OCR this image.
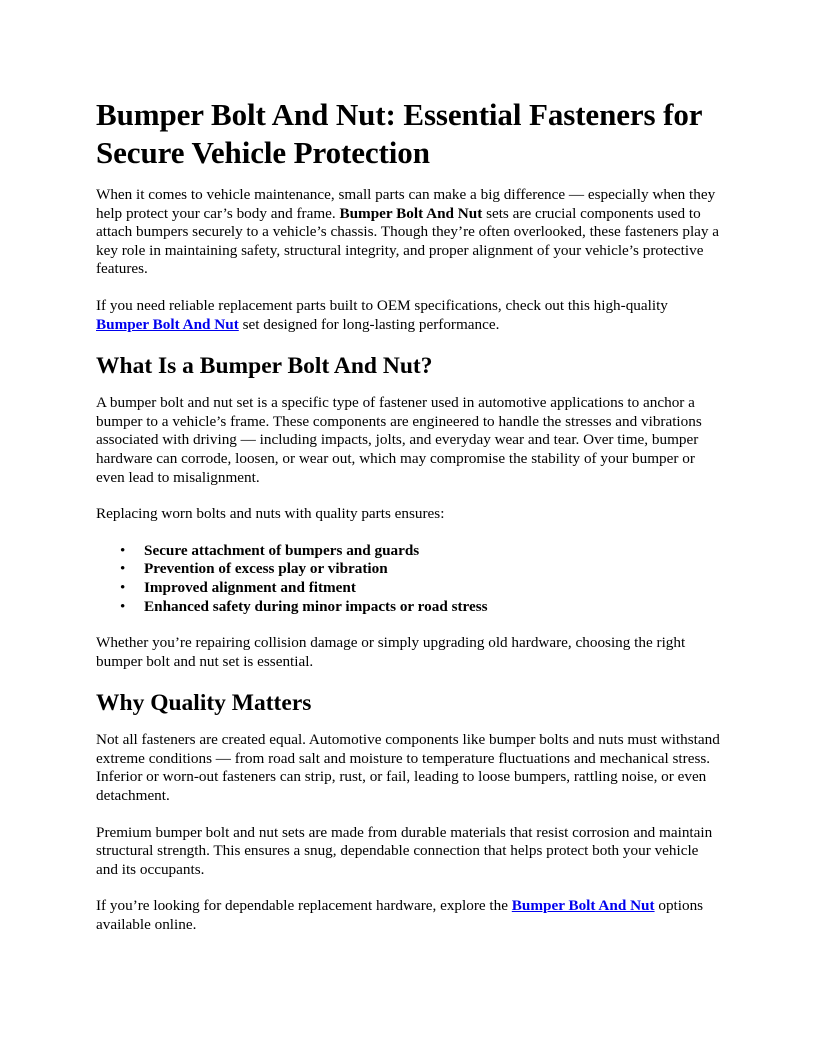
Bumper Bolt And Nut: Essential Fasteners for Secure Vehicle Protection

When it comes to vehicle maintenance, small parts can make a big difference — especially when they help protect your car’s body and frame. Bumper Bolt And Nut sets are crucial components used to attach bumpers securely to a vehicle’s chassis. Though they’re often overlooked, these fasteners play a key role in maintaining safety, structural integrity, and proper alignment of your vehicle’s protective features.

If you need reliable replacement parts built to OEM specifications, check out this high-quality Bumper Bolt And Nut set designed for long-lasting performance.

What Is a Bumper Bolt And Nut?

A bumper bolt and nut set is a specific type of fastener used in automotive applications to anchor a bumper to a vehicle’s frame. These components are engineered to handle the stresses and vibrations associated with driving — including impacts, jolts, and everyday wear and tear. Over time, bumper hardware can corrode, loosen, or wear out, which may compromise the stability of your bumper or even lead to misalignment.

Replacing worn bolts and nuts with quality parts ensures:

• Secure attachment of bumpers and guards
• Prevention of excess play or vibration
• Improved alignment and fitment
• Enhanced safety during minor impacts or road stress

Whether you’re repairing collision damage or simply upgrading old hardware, choosing the right bumper bolt and nut set is essential.

Why Quality Matters

Not all fasteners are created equal. Automotive components like bumper bolts and nuts must withstand extreme conditions — from road salt and moisture to temperature fluctuations and mechanical stress. Inferior or worn-out fasteners can strip, rust, or fail, leading to loose bumpers, rattling noise, or even detachment.

Premium bumper bolt and nut sets are made from durable materials that resist corrosion and maintain structural strength. This ensures a snug, dependable connection that helps protect both your vehicle and its occupants.

If you’re looking for dependable replacement hardware, explore the Bumper Bolt And Nut options available online.
